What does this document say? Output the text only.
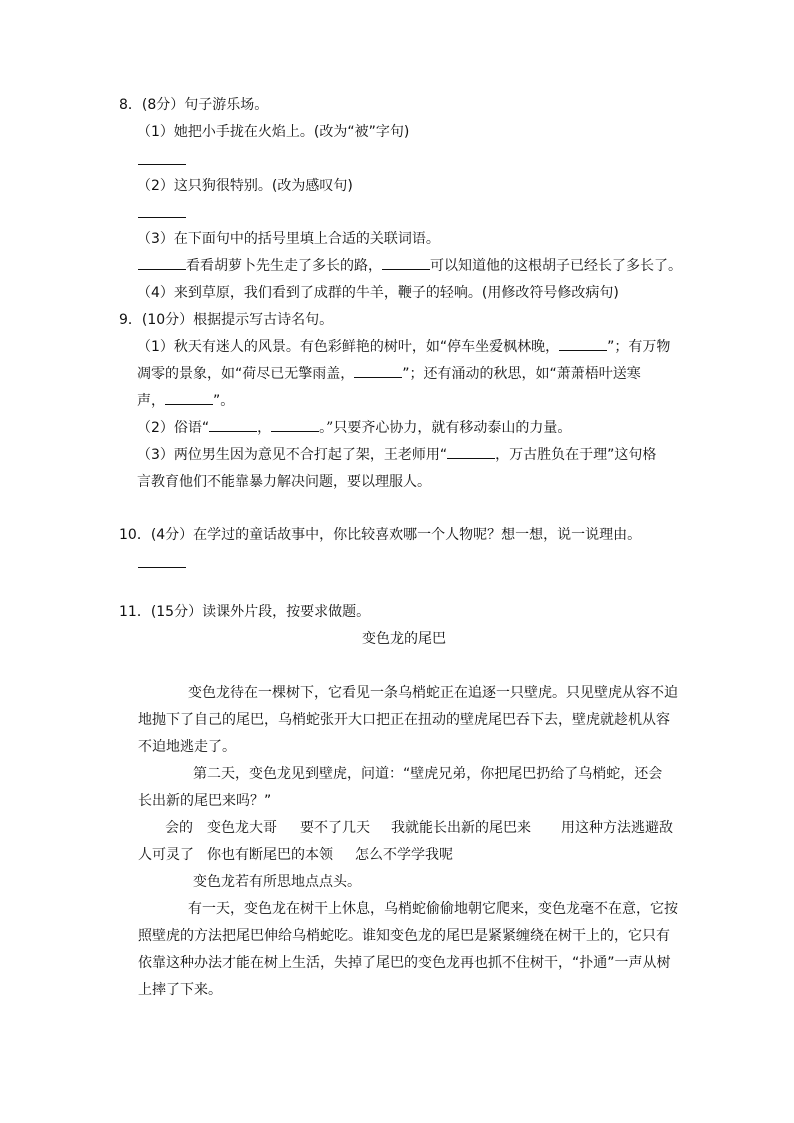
8．(8分）句子游乐场。
（1）她把小手拢在火焰上。(改为“被”字句)
（2）这只狗很特别。(改为感叹句)
（3）在下面句中的括号里填上合适的关联词语。
看看胡萝卜先生走了多长的路，	可以知道他的这根胡子已经长了多长了。
（4）来到草原，我们看到了成群的牛羊，鞭子的轻响。(用修改符号修改病句)
9．(10分）根据提示写古诗名句。
（1）秋天有迷人的风景。有色彩鲜艳的树叶，如“停车坐爱枫林晚，	”；有万物
凋零的景象，如“荷尽已无擎雨盖，	”；还有涌动的秋思，如“萧萧梧叶送寒
声，	”。
（2）俗语“	，	。”只要齐心协力，就有移动泰山的力量。
（3）两位男生因为意见不合打起了架，王老师用“	，万古胜负在于理”这句格
言教育他们不能靠暴力解决问题，要以理服人。
10．(4分）在学过的童话故事中，你比较喜欢哪一个人物呢？想一想，说一说理由。
11．(15分）读课外片段，按要求做题。
变色龙的尾巴
变色龙待在一棵树下，它看见一条乌梢蛇正在追逐一只壁虎。只见壁虎从容不迫
地抛下了自己的尾巴，乌梢蛇张开大口把正在扭动的壁虎尾巴吞下去，壁虎就趁机从容
不迫地逃走了。
第二天，变色龙见到壁虎，问道：“壁虎兄弟，你把尾巴扔给了乌梢蛇，还会
长出新的尾巴来吗？”
会的 变色龙大哥 要不了几天 我就能长出新的尾巴来 用这种方法逃避敌
人可灵了 你也有断尾巴的本领 怎么不学学我呢
变色龙若有所思地点点头。
有一天，变色龙在树干上休息，乌梢蛇偷偷地朝它爬来，变色龙毫不在意，它按
照壁虎的方法把尾巴伸给乌梢蛇吃。谁知变色龙的尾巴是紧紧缠绕在树干上的，它只有
依靠这种办法才能在树上生活，失掉了尾巴的变色龙再也抓不住树干，“扑通”一声从树
上摔了下来。
